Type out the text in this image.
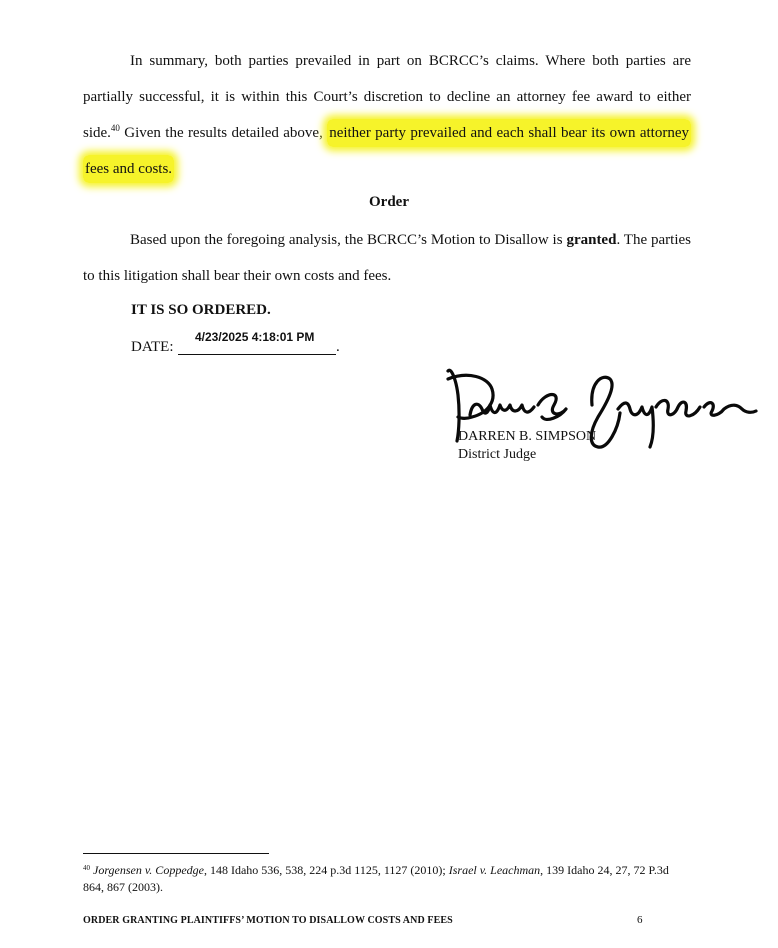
In summary, both parties prevailed in part on BCRCC’s claims. Where both parties are partially successful, it is within this Court’s discretion to decline an attorney fee award to either side.$^{40}$ Given the results detailed above, neither party prevailed and each shall bear its own attorney fees and costs.

Order

Based upon the foregoing analysis, the BCRCC’s Motion to Disallow is granted. The parties to this litigation shall bear their own costs and fees.

IT IS SO ORDERED.
DATE:	.
4/23/2025 4:18:01 PM
DARREN B. SIMPSON
District Judge
$^{40}$ Jorgensen v. Coppedge, 148 Idaho 536, 538, 224 p.3d 1125, 1127 (2010); Israel v. Leachman, 139 Idaho 24, 27, 72 P.3d 864, 867 (2003).
ORDER GRANTING PLAINTIFFS’ MOTION TO DISALLOW COSTS AND FEES	6
